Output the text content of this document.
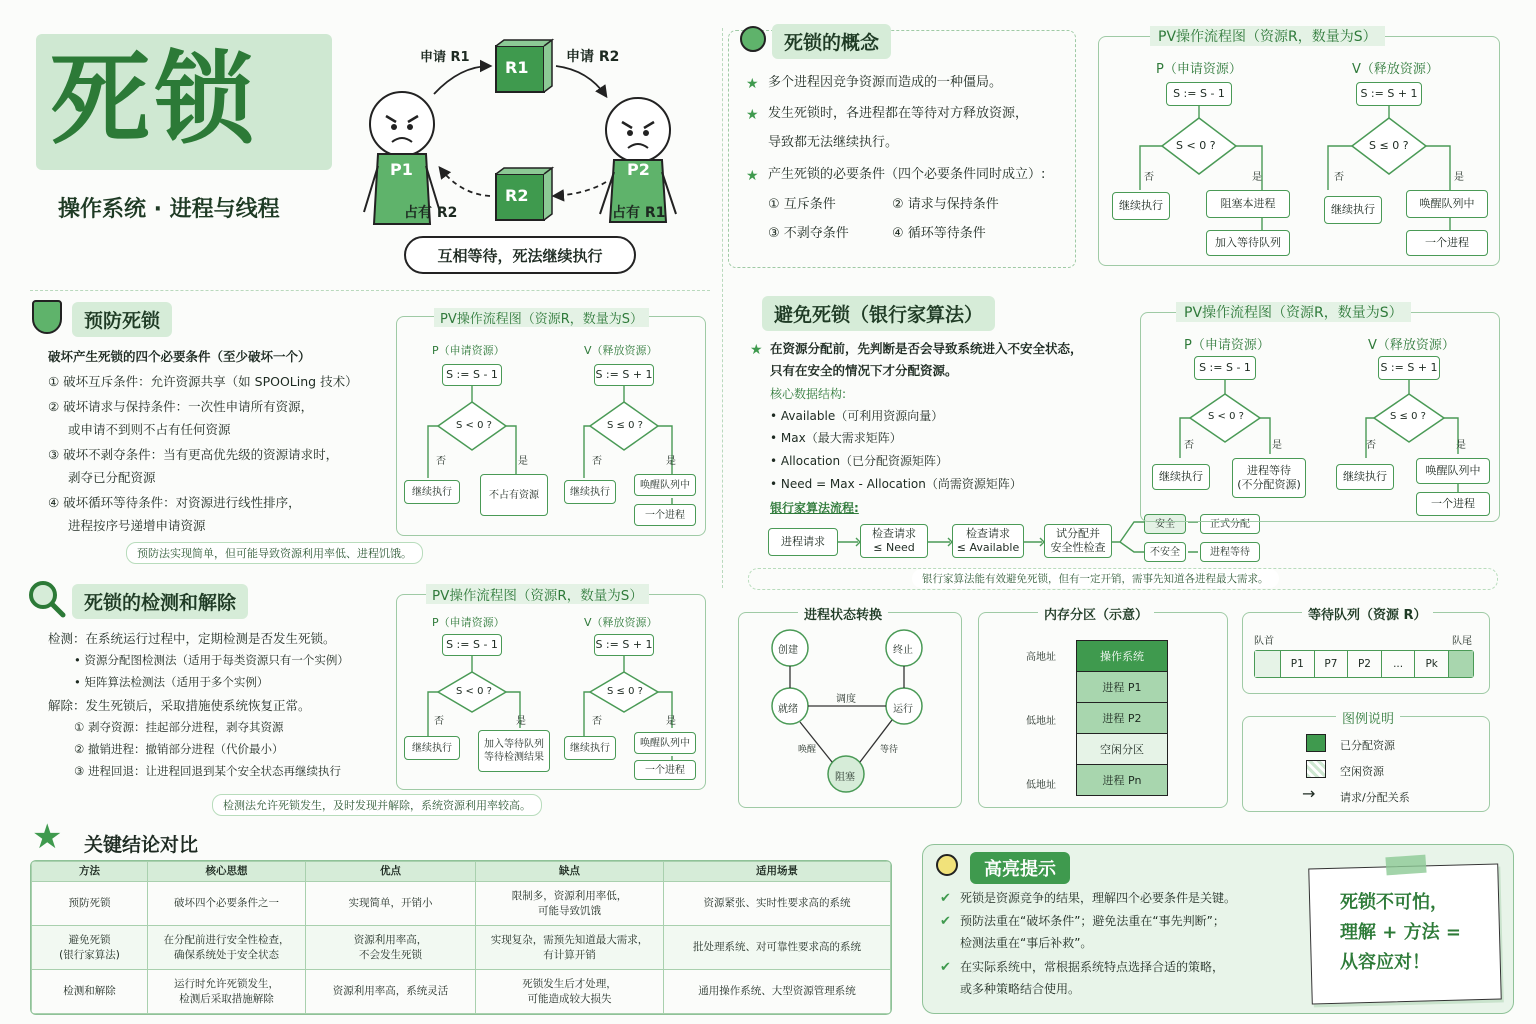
死锁
操作系统 · 进程与线程
P1	P2
R1
R2
申请 R1	申请 R2
占有 R2	占有 R1
互相等待，死法继续执行
死锁的概念
★ 多个进程因竞争资源而造成的一种僵局。
★ 发生死锁时，各进程都在等待对方释放资源，
导致都无法继续执行。
★ 产生死锁的必要条件（四个必要条件同时成立）:
① 互斥条件	② 请求与保持条件
③ 不剥夺条件	④ 循环等待条件
PV操作流程图（资源R，数量为S）
P（申请资源）	V（释放资源）
S := S - 1	S := S + 1
S < 0 ?	S ≤ 0 ?
否	是	否	是
继续执行	阻塞本进程
加入等待队列
继续执行	唤醒队列中
一个进程
预防死锁
破坏产生死锁的四个必要条件（至少破坏一个）
① 破坏互斥条件：允许资源共享（如 SPOOLing 技术）
② 破坏请求与保持条件：一次性申请所有资源，
或申请不到则不占有任何资源
③ 破坏不剥夺条件：当有更高优先级的资源请求时，
剥夺已分配资源
④ 破坏循环等待条件：对资源进行线性排序，
进程按序号递增申请资源
预防法实现简单，但可能导致资源利用率低、进程饥饿。
PV操作流程图（资源R，数量为S）
P（申请资源）	V（释放资源）
S := S - 1	S := S + 1
S < 0 ?	S ≤ 0 ?
否	是	否	是
继续执行	不占有资源	继续执行
唤醒队列中
一个进程
避免死锁（银行家算法）
★ 在资源分配前，先判断是否会导致系统进入不安全状态，
只有在安全的情况下才分配资源。
核心数据结构:
• Available（可利用资源向量）
• Max（最大需求矩阵）
• Allocation（已分配资源矩阵）
• Need = Max - Allocation（尚需资源矩阵）
银行家算法流程:
进程请求
检查请求
≤ Need
检查请求
≤ Available
试分配并
安全性检查
安全
不安全
正式分配
进程等待
银行家算法能有效避免死锁，但有一定开销，需事先知道各进程最大需求。
PV操作流程图（资源R，数量为S）
P（申请资源）	V（释放资源）
S := S - 1	S := S + 1
S < 0 ?	S ≤ 0 ?
否	是	否	是
继续执行	进程等待
(不分配资源)
继续执行	唤醒队列中
一个进程
死锁的检测和解除
检测：在系统运行过程中，定期检测是否发生死锁。
• 资源分配图检测法（适用于每类资源只有一个实例）
• 矩阵算法检测法（适用于多个实例）
解除：发生死锁后，采取措施使系统恢复正常。
① 剥夺资源：挂起部分进程，剥夺其资源
② 撤销进程：撤销部分进程（代价最小）
③ 进程回退：让进程回退到某个安全状态再继续执行
检测法允许死锁发生，及时发现并解除，系统资源利用率较高。
PV操作流程图（资源R，数量为S）
P（申请资源）	V（释放资源）
S := S - 1	S := S + 1
S < 0 ?	S ≤ 0 ?
否	是	否	是
继续执行	加入等待队列
等待检测结果
继续执行	唤醒队列中
一个进程
进程状态转换
创建	终止
就绪	运行
阻塞
调度
唤醒	等待
内存分区（示意）
高地址
低地址
低地址
操作系统
进程 P1
进程 P2
空闲分区
进程 Pn
等待队列（资源 R）
队首	队尾
P1	P7	P2	...	Pk
图例说明
已分配资源
空闲资源
→ 请求/分配关系
★ 关键结论对比
方法	核心思想	优点	缺点	适用场景
预防死锁	破坏四个必要条件之一	实现简单，开销小	限制多，资源利用率低，
可能导致饥饿	资源紧张、实时性要求高的系统
避免死锁
(银行家算法)	在分配前进行安全性检查，
确保系统处于安全状态	资源利用率高，
不会发生死锁	实现复杂，需预先知道最大需求，
有计算开销	批处理系统、对可靠性要求高的系统
检测和解除	运行时允许死锁发生，
检测后采取措施解除	资源利用率高，系统灵活	死锁发生后才处理，
可能造成较大损失	通用操作系统、大型资源管理系统
高亮提示
✔ 死锁是资源竞争的结果，理解四个必要条件是关键。
✔ 预防法重在“破坏条件”；避免法重在“事先判断”；
检测法重在“事后补救”。
✔ 在实际系统中，常根据系统特点选择合适的策略，
或多种策略结合使用。
死锁不可怕，
理解 + 方法 =
从容应对！
